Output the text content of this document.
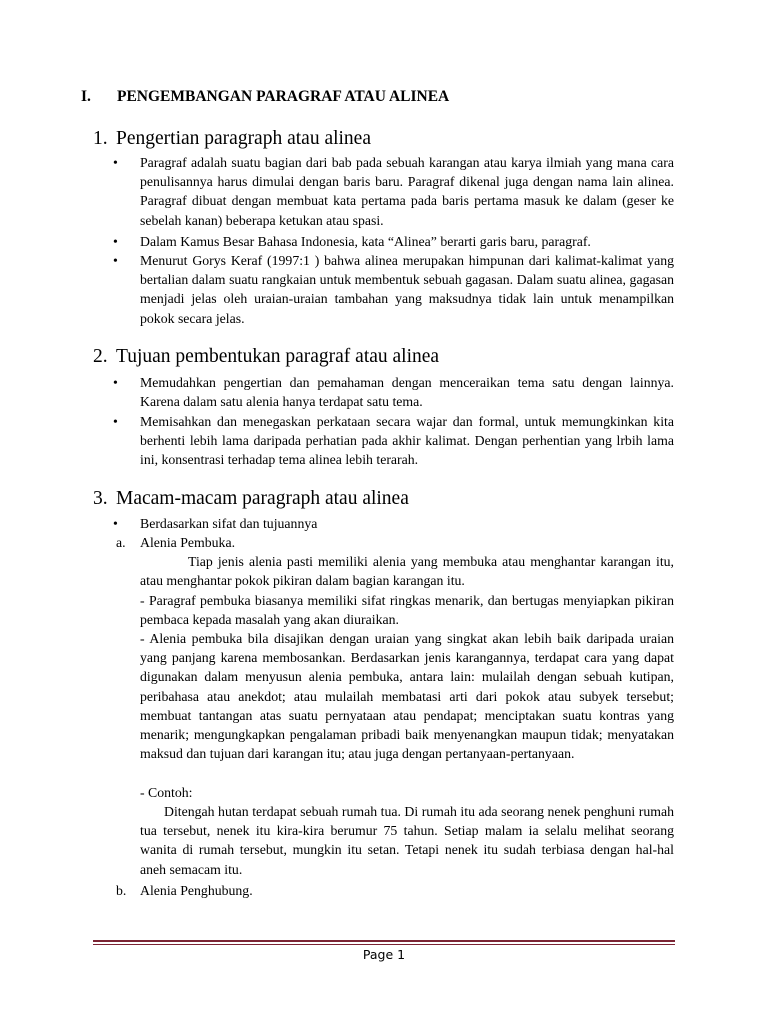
I. PENGEMBANGAN PARAGRAF ATAU ALINEA
1. Pengertian paragraph atau alinea
• Paragraf adalah suatu bagian dari bab pada sebuah karangan atau karya ilmiah yang mana cara penulisannya harus dimulai dengan baris baru. Paragraf dikenal juga dengan nama lain alinea. Paragraf dibuat dengan membuat kata pertama pada baris pertama masuk ke dalam (geser ke sebelah kanan) beberapa ketukan atau spasi.
• Dalam Kamus Besar Bahasa Indonesia, kata “Alinea” berarti garis baru, paragraf.
• Menurut Gorys Keraf (1997:1 ) bahwa alinea merupakan himpunan dari kalimat-kalimat yang bertalian dalam suatu rangkaian untuk membentuk sebuah gagasan. Dalam suatu alinea, gagasan menjadi jelas oleh uraian-uraian tambahan yang maksudnya tidak lain untuk menampilkan pokok secara jelas.
2. Tujuan pembentukan paragraf atau alinea
• Memudahkan pengertian dan pemahaman dengan menceraikan tema satu dengan lainnya. Karena dalam satu alenia hanya terdapat satu tema.
• Memisahkan dan menegaskan perkataan secara wajar dan formal, untuk memungkinkan kita berhenti lebih lama daripada perhatian pada akhir kalimat. Dengan perhentian yang lrbih lama ini, konsentrasi terhadap tema alinea lebih terarah.
3. Macam-macam paragraph atau alinea
• Berdasarkan sifat dan tujuannya
a. Alenia Pembuka.
Tiap jenis alenia pasti memiliki alenia yang membuka atau menghantar karangan itu, atau menghantar pokok pikiran dalam bagian karangan itu.
- Paragraf pembuka biasanya memiliki sifat ringkas menarik, dan bertugas menyiapkan pikiran pembaca kepada masalah yang akan diuraikan.
- Alenia pembuka bila disajikan dengan uraian yang singkat akan lebih baik daripada uraian yang panjang karena membosankan. Berdasarkan jenis karangannya, terdapat cara yang dapat digunakan dalam menyusun alenia pembuka, antara lain: mulailah dengan sebuah kutipan, peribahasa atau anekdot; atau mulailah membatasi arti dari pokok atau subyek tersebut; membuat tantangan atas suatu pernyataan atau pendapat; menciptakan suatu kontras yang menarik; mengungkapkan pengalaman pribadi baik menyenangkan maupun tidak; menyatakan maksud dan tujuan dari karangan itu; atau juga dengan pertanyaan-pertanyaan.
- Contoh:
Ditengah hutan terdapat sebuah rumah tua. Di rumah itu ada seorang nenek penghuni rumah tua tersebut, nenek itu kira-kira berumur 75 tahun. Setiap malam ia selalu melihat seorang wanita di rumah tersebut, mungkin itu setan. Tetapi nenek itu sudah terbiasa dengan hal-hal aneh semacam itu.
b. Alenia Penghubung.
Page 1
